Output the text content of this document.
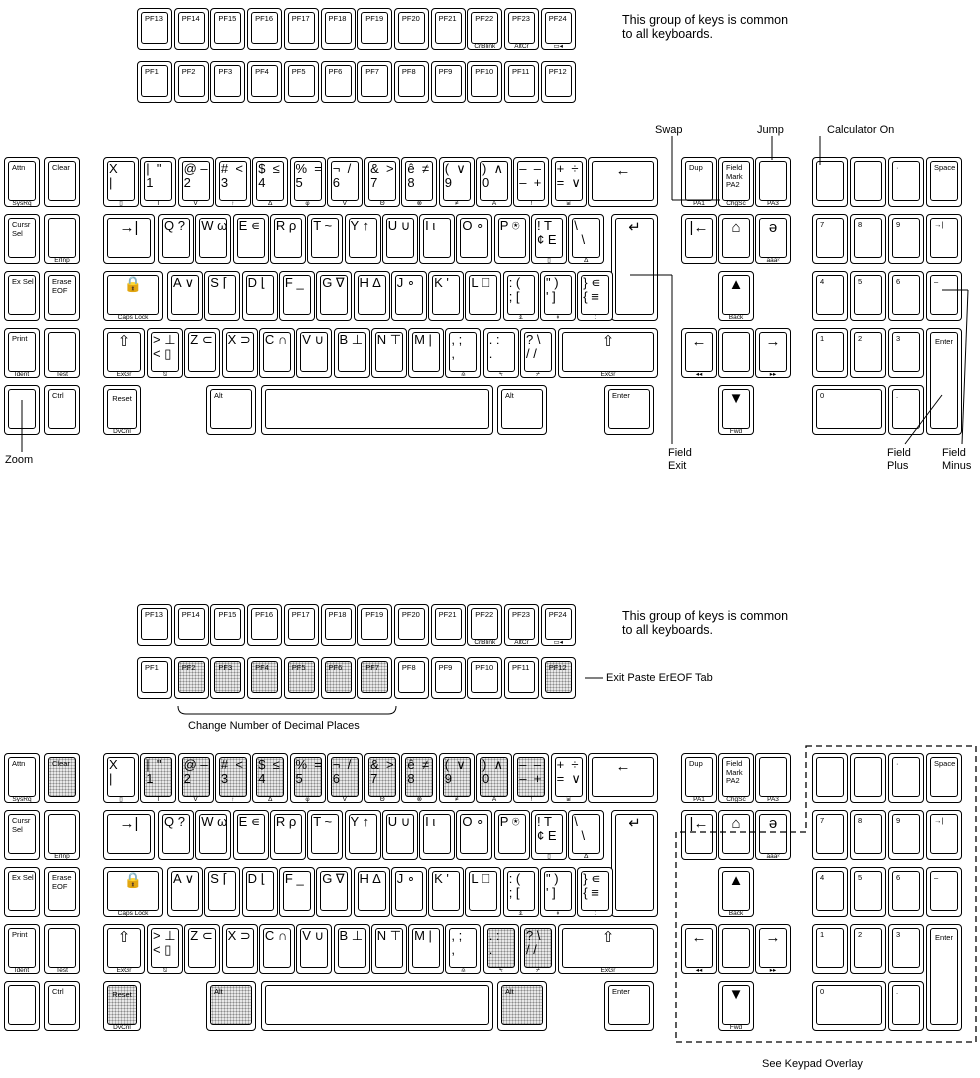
PF13	PF14	PF15	PF16	PF17	PF18	PF19	PF20	PF21	PF22
CrBlink
PF23
AltCr
PF24
▭◂
PF1	PF2	PF3	PF4	PF5	PF6	PF7	PF8	PF9	PF10	PF11	PF12
This group of keys is common
to all keyboards.
Swap	Jump	Calculator On
Zoom
Field
Exit
Field
Plus
Field
Minus
Attn
SysRq
Clear
Cursr
Sel
ErInp
Ex Sel Erase
EOF
Print
Ident	Test
Ctrl
X
|
▯
|  "
1
I
@ –
2
∇
#  <
3
↑
$  ≤
4
∆
%  =
5
φ
¬  /
6
∇
&  >
7
Θ
ê  ≠
8
⊗
(  ∨
9
≠
)  ∧
0
A
–  –
–  +
!
+  ÷
=  ∨
⍯
←
→|	Q ? W ω E ∊ R ρ T ~ Y ↑ U ∪ I ι O ∘ P ⍟ ! T
¢ E
▯
\
\
∆
↵
🔒
Caps Lock
A ∨ S ⌈ D ⌊ F _ G ∇ H ∆ J ∘ K ' L ⎕ : (
; [
⍎
" )
' ]
⍕
} ∊
{ ≡
:
⇧
ExGr
> ⊥
< ▯
⍉
Z ⊂ X ⊃ C ∩ V ∪ B ⊥ N ⊤ M | , ;
,
⍝
. :
.
⍀
? \
/ /
⌿
⇧
ExGr
Reset
DvCnl
Alt	Alt	Enter
Dup
PA1
Field
Mark
PA2
ChgSc	PA3
|←	⌂	ə
aaa²
▲
Back
←
◂◂
→
▸▸
▼
Fwd
·	Space
7	8	9	→|
4	5	6	–
1	2	3	Enter
0	.
PF13	PF14	PF15	PF16	PF17	PF18	PF19	PF20	PF21	PF22
CrBlink
PF23
AltCr
PF24
▭◂
PF1	PF2	PF3	PF4	PF5	PF6	PF7	PF8	PF9	PF10	PF11	PF12
This group of keys is common
to all keyboards.
Exit Paste ErEOF Tab
Change Number of Decimal Places
See Keypad Overlay
Attn
SysRq
Clear
Cursr
Sel
ErInp
Ex Sel Erase
EOF
Print
Ident	Test
Ctrl
X
|
▯
|  "
1
I
@ –
2
∇
#  <
3
↑
$  ≤
4
∆
%  =
5
φ
¬  /
6
∇
&  >
7
Θ
ê  ≠
8
⊗
(  ∨
9
≠
)  ∧
0
A
–  –
–  +
!
+  ÷
=  ∨
⍯
←
→|	Q ? W ω E ∊ R ρ T ~ Y ↑ U ∪ I ι O ∘ P ⍟ ! T
¢ E
▯
\
\
∆
↵
🔒
Caps Lock
A ∨ S ⌈ D ⌊ F _ G ∇ H ∆ J ∘ K ' L ⎕ : (
; [
⍎
" )
' ]
⍕
} ∊
{ ≡
:
⇧
ExGr
> ⊥
< ▯
⍉
Z ⊂ X ⊃ C ∩ V ∪ B ⊥ N ⊤ M | , ;
,
⍝
. :
.
⍀
? \
/ /
⌿
⇧
ExGr
Reset
DvCnl
Alt	Alt	Enter
Dup
PA1
Field
Mark
PA2
ChgSc	PA3
|←	⌂	ə
aaa²
▲
Back
←
◂◂
→
▸▸
▼
Fwd
·	Space
7	8	9	→|
4	5	6	–
1	2	3	Enter
0	.
